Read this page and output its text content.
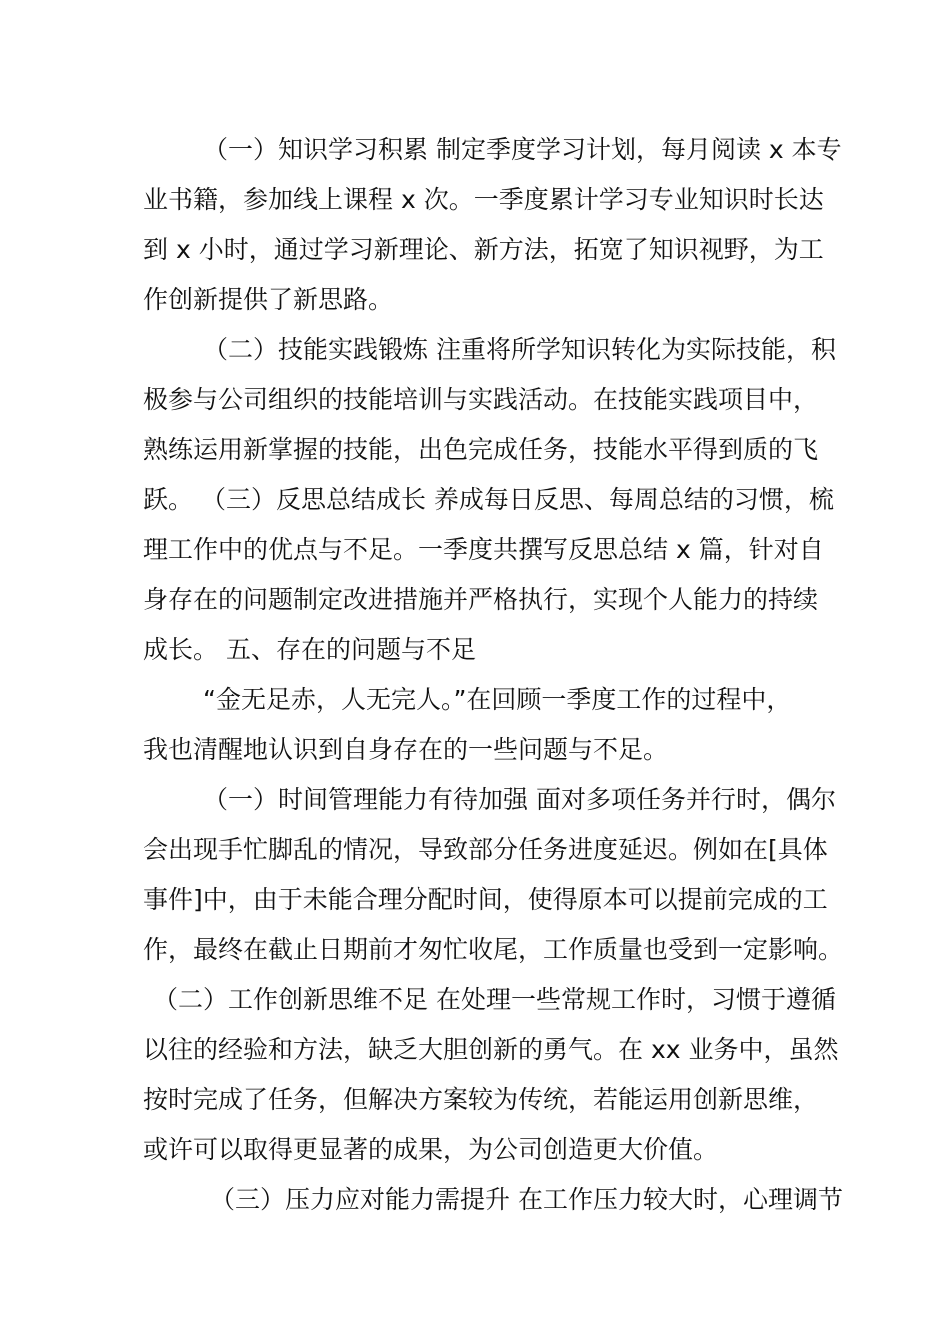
（一）知识学习积累 制定季度学习计划，每月阅读 x 本专
业书籍，参加线上课程 x 次。一季度累计学习专业知识时长达
到 x 小时，通过学习新理论、新方法，拓宽了知识视野，为工
作创新提供了新思路。
（二）技能实践锻炼 注重将所学知识转化为实际技能，积
极参与公司组织的技能培训与实践活动。在技能实践项目中，
熟练运用新掌握的技能，出色完成任务，技能水平得到质的飞
跃。 （三）反思总结成长 养成每日反思、每周总结的习惯，梳
理工作中的优点与不足。一季度共撰写反思总结 x 篇，针对自
身存在的问题制定改进措施并严格执行，实现个人能力的持续
成长。 五、存在的问题与不足
“金无足赤，人无完人。”在回顾一季度工作的过程中，
我也清醒地认识到自身存在的一些问题与不足。
（一）时间管理能力有待加强 面对多项任务并行时，偶尔
会出现手忙脚乱的情况，导致部分任务进度延迟。例如在[具体
事件]中，由于未能合理分配时间，使得原本可以提前完成的工
作，最终在截止日期前才匆忙收尾，工作质量也受到一定影响。
（二）工作创新思维不足 在处理一些常规工作时，习惯于遵循
以往的经验和方法，缺乏大胆创新的勇气。在 xx 业务中，虽然
按时完成了任务，但解决方案较为传统，若能运用创新思维，
或许可以取得更显著的成果，为公司创造更大价值。
（三）压力应对能力需提升 在工作压力较大时，心理调节
